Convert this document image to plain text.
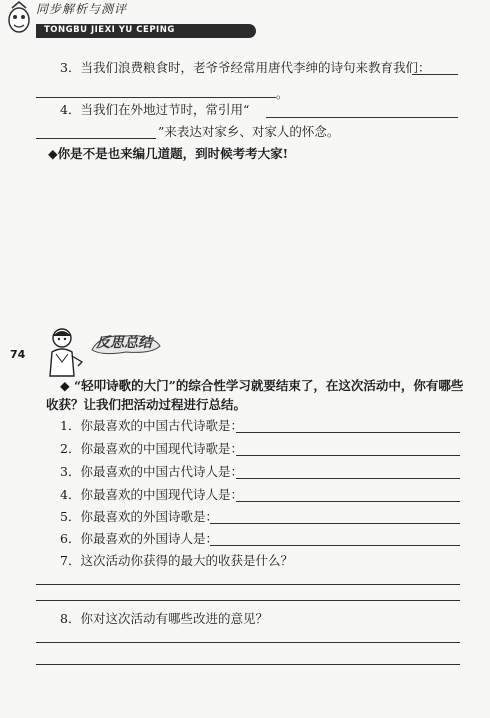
同步解析与测评
TONGBU JIEXI YU CEPING
3．当我们浪费粮食时，老爷爷经常用唐代李绅的诗句来教育我们：
。
4．当我们在外地过节时，常引用“
”来表达对家乡、对家人的怀念。
◆你是不是也来编几道题，到时候考考大家!
74
反思总结
◆ “轻叩诗歌的大门”的综合性学习就要结束了，在这次活动中，你有哪些
收获？让我们把活动过程进行总结。
1．你最喜欢的中国古代诗歌是：
2．你最喜欢的中国现代诗歌是：
3．你最喜欢的中国古代诗人是：
4．你最喜欢的中国现代诗人是：
5．你最喜欢的外国诗歌是：
6．你最喜欢的外国诗人是：
7．这次活动你获得的最大的收获是什么？
8．你对这次活动有哪些改进的意见？
